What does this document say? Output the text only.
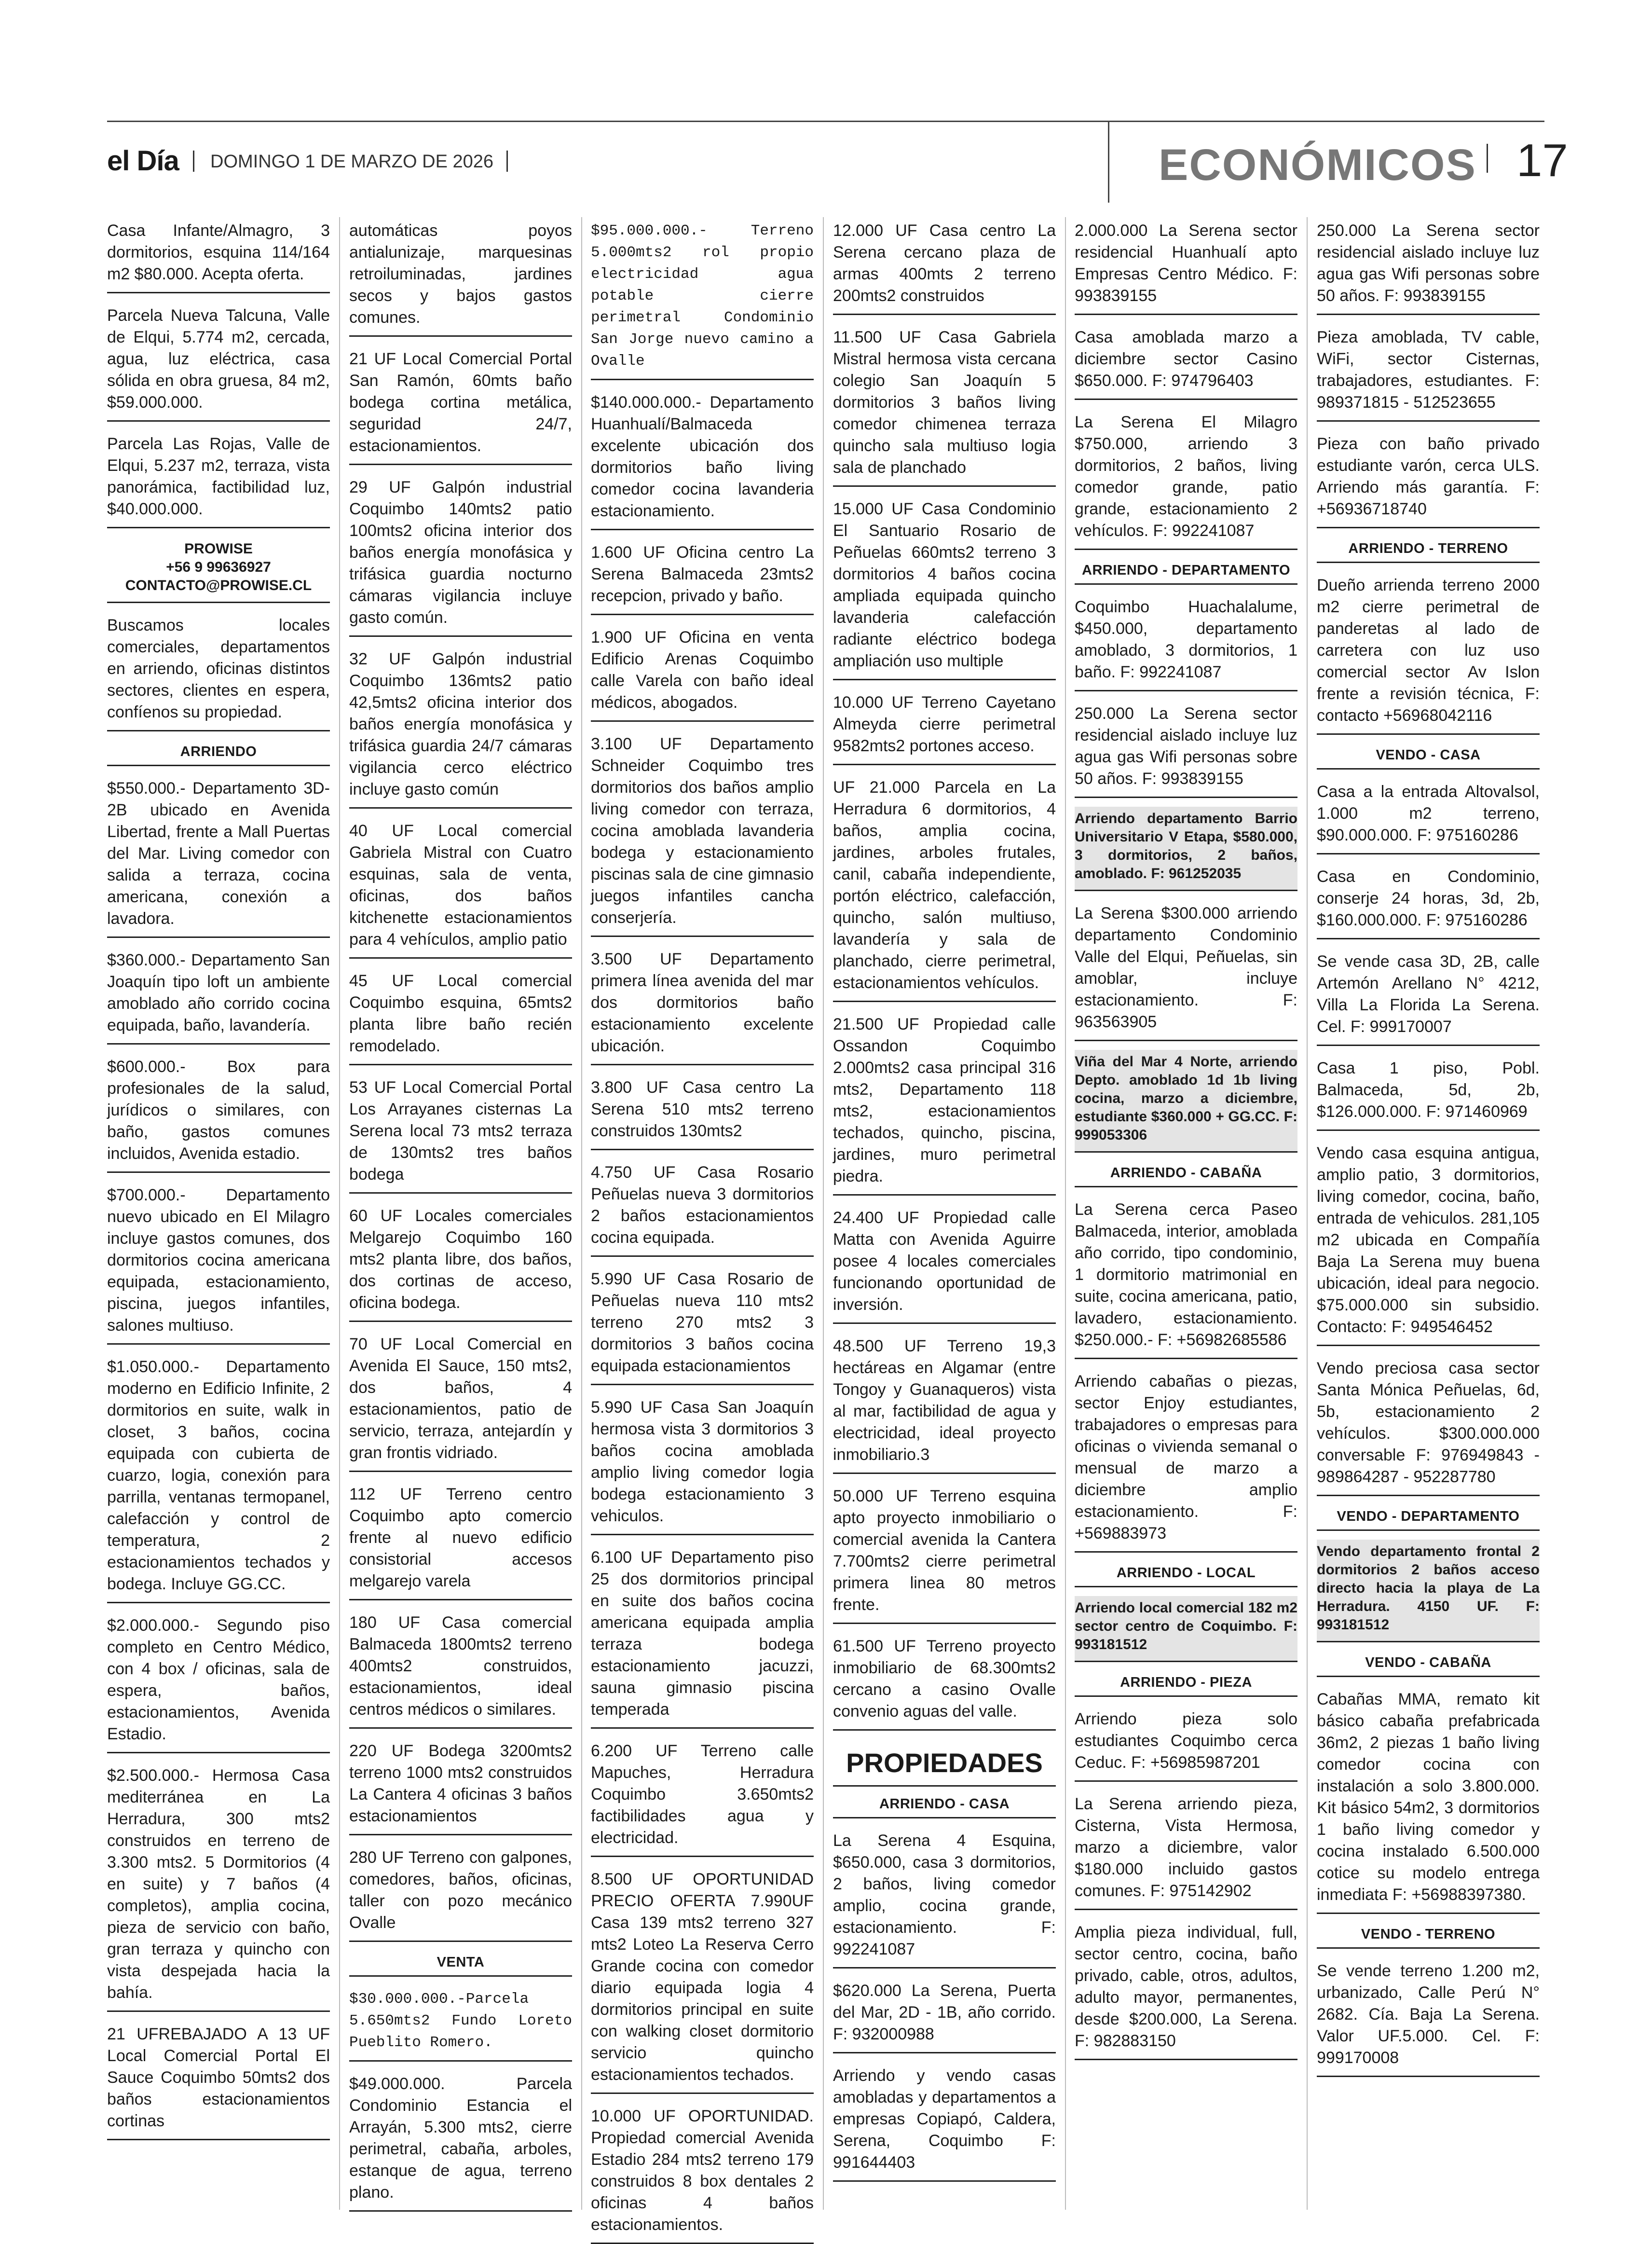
el Día DOMINGO 1 DE MARZO DE 2026	ECONÓMICOS 17
Casa Infante/Almagro, 3 dormitorios, esquina 114/164 m2 $80.000. Acepta oferta.
Parcela Nueva Talcuna, Valle de Elqui, 5.774 m2, cercada, agua, luz eléctrica, casa sólida en obra gruesa, 84 m2, $59.000.000.
Parcela Las Rojas, Valle de Elqui, 5.237 m2, terraza, vista panorámica, factibilidad luz, $40.000.000.
PROWISE
+56 9 99636927
CONTACTO@PROWISE.CL
Buscamos locales comerciales, departamentos en arriendo, oficinas distintos sectores, clientes en espera, confíenos su propiedad.
ARRIENDO
$550.000.- Departamento 3D-2B ubicado en Avenida Libertad, frente a Mall Puertas del Mar. Living comedor con salida a terraza, cocina americana, conexión a lavadora.
$360.000.- Departamento San Joaquín tipo loft un ambiente amoblado año corrido cocina equipada, baño, lavandería.
$600.000.- Box para profesionales de la salud, jurídicos o similares, con baño, gastos comunes incluidos, Avenida estadio.
$700.000.- Departamento nuevo ubicado en El Milagro incluye gastos comunes, dos dormitorios cocina americana equipada, estacionamiento, piscina, juegos infantiles, salones multiuso.
$1.050.000.- Departamento moderno en Edificio Infinite, 2 dormitorios en suite, walk in closet, 3 baños, cocina equipada con cubierta de cuarzo, logia, conexión para parrilla, ventanas termopanel, calefacción y control de temperatura, 2 estacionamientos techados y bodega. Incluye GG.CC.
$2.000.000.- Segundo piso completo en Centro Médico, con 4 box / oficinas, sala de espera, baños, estacionamientos, Avenida Estadio.
$2.500.000.- Hermosa Casa mediterránea en La Herradura, 300 mts2 construidos en terreno de 3.300 mts2. 5 Dormitorios (4 en suite) y 7 baños (4 completos), amplia cocina, pieza de servicio con baño, gran terraza y quincho con vista despejada hacia la bahía.
21 UFREBAJADO A 13 UF Local Comercial Portal El Sauce Coquimbo 50mts2 dos baños estacionamientos cortinas
automáticas poyos antialunizaje, marquesinas retroiluminadas, jardines secos y bajos gastos comunes.
21 UF Local Comercial Portal San Ramón, 60mts baño bodega cortina metálica, seguridad 24/7, estacionamientos.
29 UF Galpón industrial Coquimbo 140mts2 patio 100mts2 oficina interior dos baños energía monofásica y trifásica guardia nocturno cámaras vigilancia incluye gasto común.
32 UF Galpón industrial Coquimbo 136mts2 patio 42,5mts2 oficina interior dos baños energía monofásica y trifásica guardia 24/7 cámaras vigilancia cerco eléctrico incluye gasto común
40 UF Local comercial Gabriela Mistral con Cuatro esquinas, sala de venta, oficinas, dos baños kitchenette estacionamientos para 4 vehículos, amplio patio
45 UF Local comercial Coquimbo esquina, 65mts2 planta libre baño recién remodelado.
53 UF Local Comercial Portal Los Arrayanes cisternas La Serena local 73 mts2 terraza de 130mts2 tres baños bodega
60 UF Locales comerciales Melgarejo Coquimbo 160 mts2 planta libre, dos baños, dos cortinas de acceso, oficina bodega.
70 UF Local Comercial en Avenida El Sauce, 150 mts2, dos baños, 4 estacionamientos, patio de servicio, terraza, antejardín y gran frontis vidriado.
112 UF Terreno centro Coquimbo apto comercio frente al nuevo edificio consistorial accesos melgarejo varela
180 UF Casa comercial Balmaceda 1800mts2 terreno 400mts2 construidos, estacionamientos, ideal centros médicos o similares.
220 UF Bodega 3200mts2 terreno 1000 mts2 construidos La Cantera 4 oficinas 3 baños estacionamientos
280 UF Terreno con galpones, comedores, baños, oficinas, taller con pozo mecánico Ovalle
VENTA
$30.000.000.-Parcela 5.650mts2 Fundo Loreto Pueblito Romero.
$49.000.000. Parcela Condominio Estancia el Arrayán, 5.300 mts2, cierre perimetral, cabaña, arboles, estanque de agua, terreno plano.
$95.000.000.- Terreno 5.000mts2 rol propio electricidad agua potable cierre perimetral Condominio San Jorge nuevo camino a Ovalle
$140.000.000.- Departamento Huanhualí/Balmaceda excelente ubicación dos dormitorios baño living comedor cocina lavanderia estacionamiento.
1.600 UF Oficina centro La Serena Balmaceda 23mts2 recepcion, privado y baño.
1.900 UF Oficina en venta Edificio Arenas Coquimbo calle Varela con baño ideal médicos, abogados.
3.100 UF Departamento Schneider Coquimbo tres dormitorios dos baños amplio living comedor con terraza, cocina amoblada lavanderia bodega y estacionamiento piscinas sala de cine gimnasio juegos infantiles cancha conserjería.
3.500 UF Departamento primera línea avenida del mar dos dormitorios baño estacionamiento excelente ubicación.
3.800 UF Casa centro La Serena 510 mts2 terreno construidos 130mts2
4.750 UF Casa Rosario Peñuelas nueva 3 dormitorios 2 baños estacionamientos cocina equipada.
5.990 UF Casa Rosario de Peñuelas nueva 110 mts2 terreno 270 mts2 3 dormitorios 3 baños cocina equipada estacionamientos
5.990 UF Casa San Joaquín hermosa vista 3 dormitorios 3 baños cocina amoblada amplio living comedor logia bodega estacionamiento 3 vehiculos.
6.100 UF Departamento piso 25 dos dormitorios principal en suite dos baños cocina americana equipada amplia terraza bodega estacionamiento jacuzzi, sauna gimnasio piscina temperada
6.200 UF Terreno calle Mapuches, Herradura Coquimbo 3.650mts2 factibilidades agua y electricidad.
8.500 UF OPORTUNIDAD PRECIO OFERTA 7.990UF Casa 139 mts2 terreno 327 mts2 Loteo La Reserva Cerro Grande cocina con comedor diario equipada logia 4 dormitorios principal en suite con walking closet dormitorio servicio quincho estacionamientos techados.
10.000 UF OPORTUNIDAD. Propiedad comercial Avenida Estadio 284 mts2 terreno 179 construidos 8 box dentales 2 oficinas 4 baños estacionamientos.
12.000 UF Casa centro La Serena cercano plaza de armas 400mts 2 terreno 200mts2 construidos
11.500 UF Casa Gabriela Mistral hermosa vista cercana colegio San Joaquín 5 dormitorios 3 baños living comedor chimenea terraza quincho sala multiuso logia sala de planchado
15.000 UF Casa Condominio El Santuario Rosario de Peñuelas 660mts2 terreno 3 dormitorios 4 baños cocina ampliada equipada quincho lavanderia calefacción radiante eléctrico bodega ampliación uso multiple
10.000 UF Terreno Cayetano Almeyda cierre perimetral 9582mts2 portones acceso.
UF 21.000 Parcela en La Herradura 6 dormitorios, 4 baños, amplia cocina, jardines, arboles frutales, canil, cabaña independiente, portón eléctrico, calefacción, quincho, salón multiuso, lavandería y sala de planchado, cierre perimetral, estacionamientos vehículos.
21.500 UF Propiedad calle Ossandon Coquimbo 2.000mts2 casa principal 316 mts2, Departamento 118 mts2, estacionamientos techados, quincho, piscina, jardines, muro perimetral piedra.
24.400 UF Propiedad calle Matta con Avenida Aguirre posee 4 locales comerciales funcionando oportunidad de inversión.
48.500 UF Terreno 19,3 hectáreas en Algamar (entre Tongoy y Guanaqueros) vista al mar, factibilidad de agua y electricidad, ideal proyecto inmobiliario.3
50.000 UF Terreno esquina apto proyecto inmobiliario o comercial avenida la Cantera 7.700mts2 cierre perimetral primera linea 80 metros frente.
61.500 UF Terreno proyecto inmobiliario de 68.300mts2 cercano a casino Ovalle convenio aguas del valle.
PROPIEDADES
ARRIENDO - CASA
La Serena 4 Esquina, $650.000, casa 3 dormitorios, 2 baños, living comedor amplio, cocina grande, estacionamiento. F: 992241087
$620.000 La Serena, Puerta del Mar, 2D - 1B, año corrido. F: 932000988
Arriendo y vendo casas amobladas y departamentos a empresas Copiapó, Caldera, Serena, Coquimbo F: 991644403
2.000.000 La Serena sector residencial Huanhualí apto Empresas Centro Médico. F: 993839155
Casa amoblada marzo a diciembre sector Casino $650.000. F: 974796403
La Serena El Milagro $750.000, arriendo 3 dormitorios, 2 baños, living comedor grande, patio grande, estacionamiento 2 vehículos. F: 992241087
ARRIENDO - DEPARTAMENTO
Coquimbo Huachalalume, $450.000, departamento amoblado, 3 dormitorios, 1 baño. F: 992241087
250.000 La Serena sector residencial aislado incluye luz agua gas Wifi personas sobre 50 años. F: 993839155
Arriendo departamento Barrio Universitario V Etapa, $580.000, 3 dormitorios, 2 baños, amoblado. F: 961252035
La Serena $300.000 arriendo departamento Condominio Valle del Elqui, Peñuelas, sin amoblar, incluye estacionamiento. F: 963563905
Viña del Mar 4 Norte, arriendo Depto. amoblado 1d 1b living cocina, marzo a diciembre, estudiante $360.000 + GG.CC. F: 999053306
ARRIENDO - CABAÑA
La Serena cerca Paseo Balmaceda, interior, amoblada año corrido, tipo condominio, 1 dormitorio matrimonial en suite, cocina americana, patio, lavadero, estacionamiento. $250.000.- F: +56982685586
Arriendo cabañas o piezas, sector Enjoy estudiantes, trabajadores o empresas para oficinas o vivienda semanal o mensual de marzo a diciembre amplio estacionamiento. F: +569883973
ARRIENDO - LOCAL
Arriendo local comercial 182 m2 sector centro de Coquimbo. F: 993181512
ARRIENDO - PIEZA
Arriendo pieza solo estudiantes Coquimbo cerca Ceduc. F: +56985987201
La Serena arriendo pieza, Cisterna, Vista Hermosa, marzo a diciembre, valor $180.000 incluido gastos comunes. F: 975142902
Amplia pieza individual, full, sector centro, cocina, baño privado, cable, otros, adultos, adulto mayor, permanentes, desde $200.000, La Serena. F: 982883150
250.000 La Serena sector residencial aislado incluye luz agua gas Wifi personas sobre 50 años. F: 993839155
Pieza amoblada, TV cable, WiFi, sector Cisternas, trabajadores, estudiantes. F: 989371815 - 512523655
Pieza con baño privado estudiante varón, cerca ULS. Arriendo más garantía. F: +56936718740
ARRIENDO - TERRENO
Dueño arrienda terreno 2000 m2 cierre perimetral de panderetas al lado de carretera con luz uso comercial sector Av Islon frente a revisión técnica, F: contacto +56968042116
VENDO - CASA
Casa a la entrada Altovalsol, 1.000 m2 terreno, $90.000.000. F: 975160286
Casa en Condominio, conserje 24 horas, 3d, 2b, $160.000.000. F: 975160286
Se vende casa 3D, 2B, calle Artemón Arellano N° 4212, Villa La Florida La Serena. Cel. F: 999170007
Casa 1 piso, Pobl. Balmaceda, 5d, 2b, $126.000.000. F: 971460969
Vendo casa esquina antigua, amplio patio, 3 dormitorios, living comedor, cocina, baño, entrada de vehiculos. 281,105 m2 ubicada en Compañía Baja La Serena muy buena ubicación, ideal para negocio. $75.000.000 sin subsidio. Contacto: F: 949546452
Vendo preciosa casa sector Santa Mónica Peñuelas, 6d, 5b, estacionamiento 2 vehículos. $300.000.000 conversable F: 976949843 - 989864287 - 952287780
VENDO - DEPARTAMENTO
Vendo departamento frontal 2 dormitorios 2 baños acceso directo hacia la playa de La Herradura. 4150 UF. F: 993181512
VENDO - CABAÑA
Cabañas MMA, remato kit básico cabaña prefabricada 36m2, 2 piezas 1 baño living comedor cocina con instalación a solo 3.800.000. Kit básico 54m2, 3 dormitorios 1 baño living comedor y cocina instalado 6.500.000 cotice su modelo entrega inmediata F: +56988397380.
VENDO - TERRENO
Se vende terreno 1.200 m2, urbanizado, Calle Perú N° 2682. Cía. Baja La Serena. Valor UF.5.000. Cel. F: 999170008
